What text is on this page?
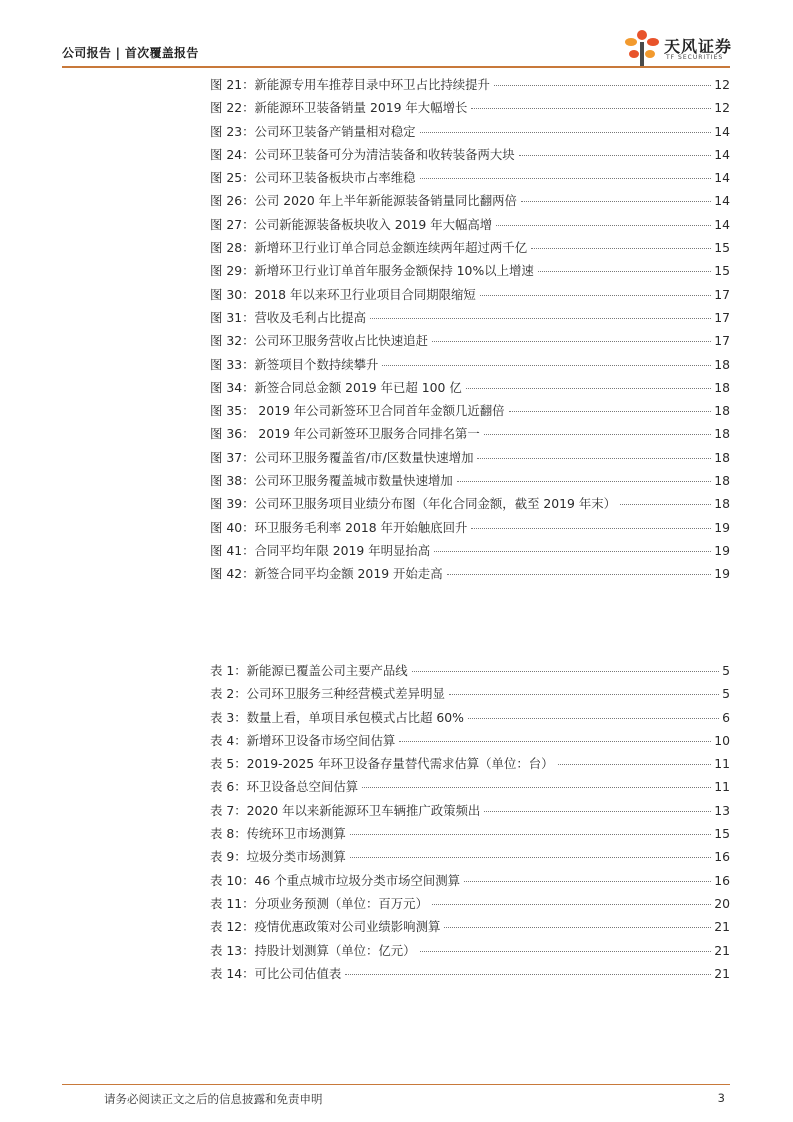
公司报告 | 首次覆盖报告	天风证券
TF SECURITIES
图 21：新能源专用车推荐目录中环卫占比持续提升	12
图 22：新能源环卫装备销量 2019 年大幅增长	12
图 23：公司环卫装备产销量相对稳定	14
图 24：公司环卫装备可分为清洁装备和收转装备两大块	14
图 25：公司环卫装备板块市占率维稳	14
图 26：公司 2020 年上半年新能源装备销量同比翻两倍	14
图 27：公司新能源装备板块收入 2019 年大幅高增	14
图 28：新增环卫行业订单合同总金额连续两年超过两千亿	15
图 29：新增环卫行业订单首年服务金额保持 10%以上增速	15
图 30：2018 年以来环卫行业项目合同期限缩短	17
图 31：营收及毛利占比提高	17
图 32：公司环卫服务营收占比快速追赶	17
图 33：新签项目个数持续攀升	18
图 34：新签合同总金额 2019 年已超 100 亿	18
图 35： 2019 年公司新签环卫合同首年金额几近翻倍	18
图 36： 2019 年公司新签环卫服务合同排名第一	18
图 37：公司环卫服务覆盖省/市/区数量快速增加	18
图 38：公司环卫服务覆盖城市数量快速增加	18
图 39：公司环卫服务项目业绩分布图（年化合同金额，截至 2019 年末）	18
图 40：环卫服务毛利率 2018 年开始触底回升	19
图 41：合同平均年限 2019 年明显抬高	19
图 42：新签合同平均金额 2019 开始走高	19
表 1：新能源已覆盖公司主要产品线	5
表 2：公司环卫服务三种经营模式差异明显	5
表 3：数量上看，单项目承包模式占比超 60%	6
表 4：新增环卫设备市场空间估算	10
表 5：2019-2025 年环卫设备存量替代需求估算（单位：台）	11
表 6：环卫设备总空间估算	11
表 7：2020 年以来新能源环卫车辆推广政策频出	13
表 8：传统环卫市场测算	15
表 9：垃圾分类市场测算	16
表 10：46 个重点城市垃圾分类市场空间测算	16
表 11：分项业务预测（单位：百万元）	20
表 12：疫情优惠政策对公司业绩影响测算	21
表 13：持股计划测算（单位：亿元）	21
表 14：可比公司估值表	21
请务必阅读正文之后的信息披露和免责申明	3
